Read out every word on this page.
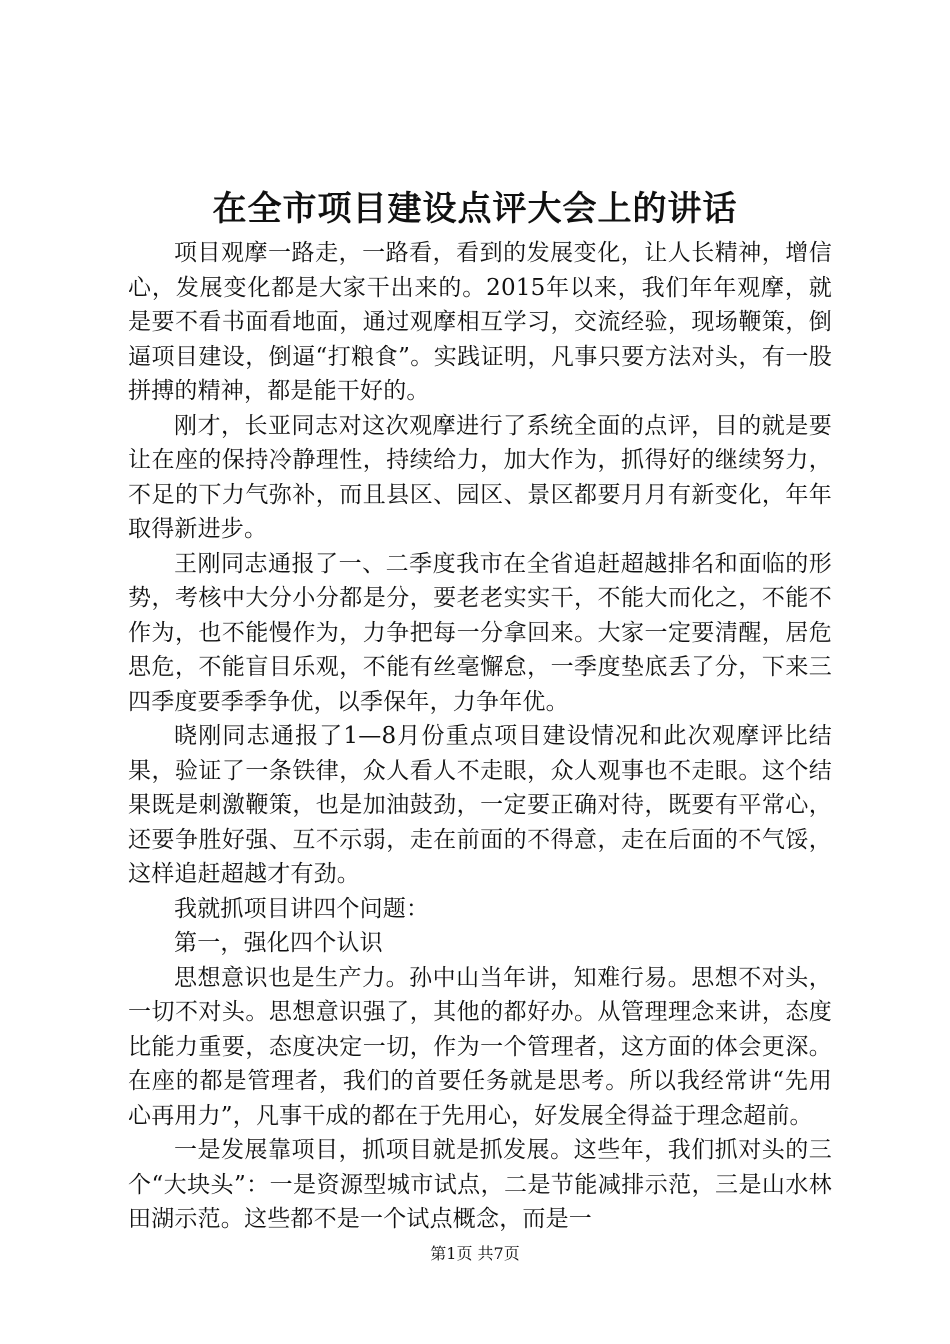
在全市项目建设点评大会上的讲话

项目观摩一路走，一路看，看到的发展变化，让人长精神，增信心，发展变化都是大家干出来的。2015年以来，我们年年观摩，就是要不看书面看地面，通过观摩相互学习，交流经验，现场鞭策，倒逼项目建设，倒逼“打粮食”。实践证明，凡事只要方法对头，有一股拼搏的精神，都是能干好的。

刚才，长亚同志对这次观摩进行了系统全面的点评，目的就是要让在座的保持冷静理性，持续给力，加大作为，抓得好的继续努力，不足的下力气弥补，而且县区、园区、景区都要月月有新变化，年年取得新进步。

王刚同志通报了一、二季度我市在全省追赶超越排名和面临的形势，考核中大分小分都是分，要老老实实干，不能大而化之，不能不作为，也不能慢作为，力争把每一分拿回来。大家一定要清醒，居危思危，不能盲目乐观，不能有丝毫懈怠，一季度垫底丢了分，下来三四季度要季季争优，以季保年，力争年优。

晓刚同志通报了1—8月份重点项目建设情况和此次观摩评比结果，验证了一条铁律，众人看人不走眼，众人观事也不走眼。这个结果既是刺激鞭策，也是加油鼓劲，一定要正确对待，既要有平常心，还要争胜好强、互不示弱，走在前面的不得意，走在后面的不气馁，这样追赶超越才有劲。

我就抓项目讲四个问题：

第一，强化四个认识

思想意识也是生产力。孙中山当年讲，知难行易。思想不对头，一切不对头。思想意识强了，其他的都好办。从管理理念来讲，态度比能力重要，态度决定一切，作为一个管理者，这方面的体会更深。在座的都是管理者，我们的首要任务就是思考。所以我经常讲“先用心再用力”，凡事干成的都在于先用心，好发展全得益于理念超前。

一是发展靠项目，抓项目就是抓发展。这些年，我们抓对头的三个“大块头”：一是资源型城市试点，二是节能减排示范，三是山水林田湖示范。这些都不是一个试点概念，而是一

第1页 共7页
